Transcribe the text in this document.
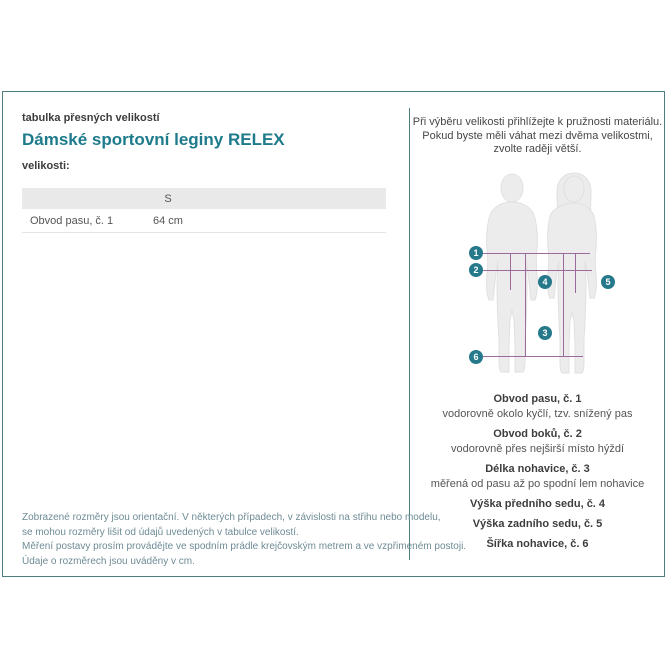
tabulka přesných velikostí
Dámské sportovní leginy RELEX
velikosti:
	S	
Obvod pasu, č. 1	64 cm	
Zobrazené rozměry jsou orientační. V některých případech, v závislosti na střihu nebo modelu,
se mohou rozměry lišit od údajů uvedených v tabulce velikostí.
Měření postavy prosím provádějte ve spodním prádle krejčovským metrem a ve vzpřimeném postoji.
Údaje o rozměrech jsou uváděny v cm.
Při výběru velikosti přihlížejte k pružnosti materiálu.
Pokud byste měli váhat mezi dvěma velikostmi,
zvolte raději větší.
1
2
3
4	5
6
Obvod pasu, č. 1
vodorovně okolo kyčlí, tzv. snížený pas
Obvod boků, č. 2
vodorovně přes nejširší místo hýždí
Délka nohavice, č. 3
měřená od pasu až po spodní lem nohavice
Výška předního sedu, č. 4
Výška zadního sedu, č. 5
Šířka nohavice, č. 6
